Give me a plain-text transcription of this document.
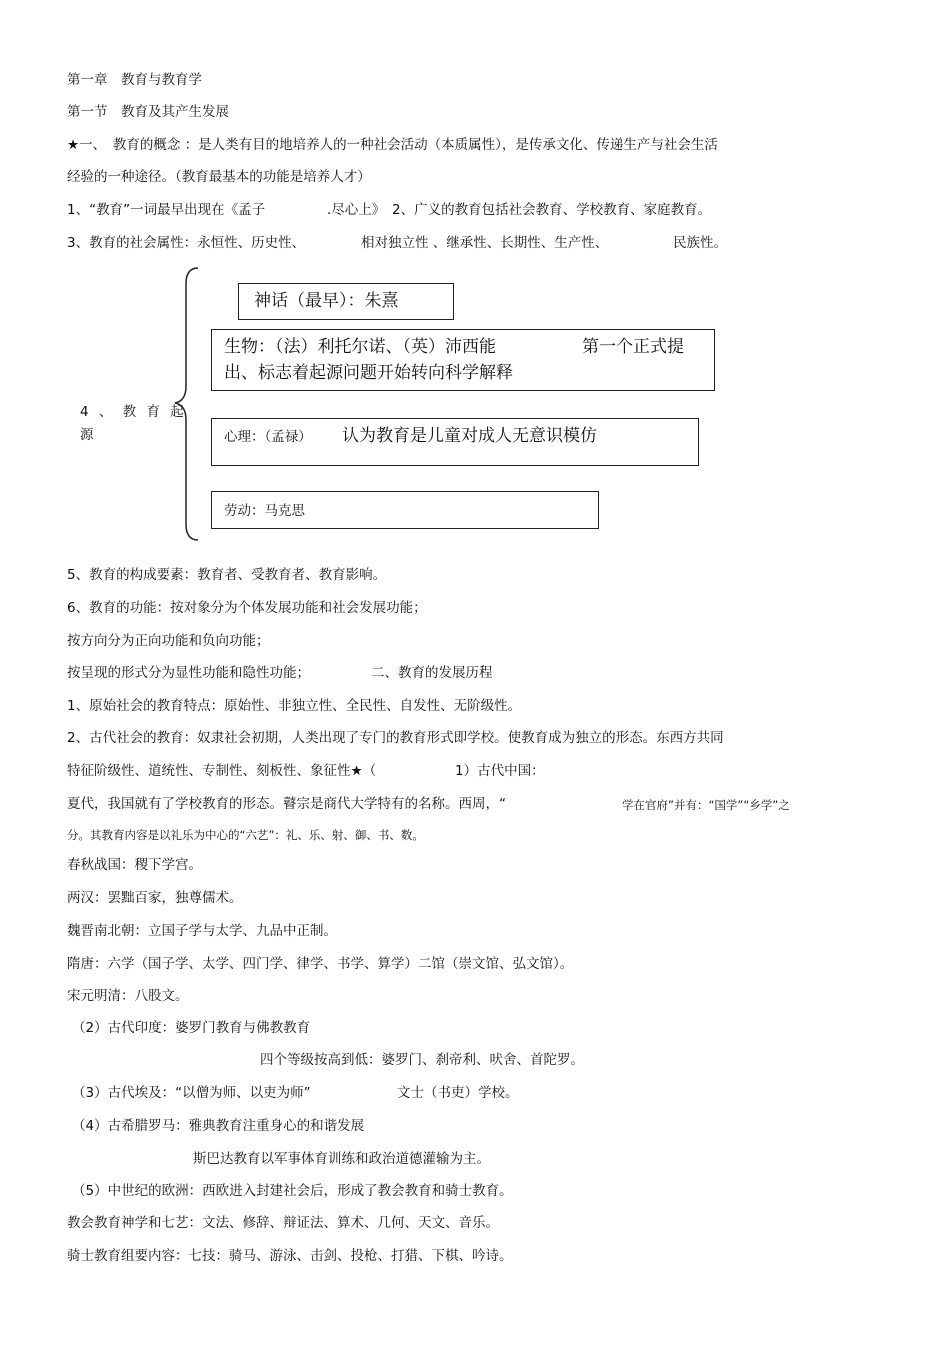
第一章　教育与教育学
第一节　教育及其产生发展
★一、　教育的概念 ：是人类有目的地培养人的一种社会活动（本质属性），是传承文化、传递生产与社会生活
经验的一种途径。（教育最基本的功能是培养人才）
1、“教育”一词最早出现在《孟子	.尽心上》　2、广义的教育包括社会教育、学校教育、家庭教育。
3、教育的社会属性：永恒性、历史性、	相对独立性 、继承性、长期性、生产性、	民族性。
4 、 教 育 起
源
神话（最早）：朱熹
生物：（法）利托尔诺、（英）沛西能	第一个正式提
出、标志着起源问题开始转向科学解释
心理：（孟禄） 认为教育是儿童对成人无意识模仿
劳动：马克思
5、教育的构成要素：教育者、受教育者、教育影响。
6、教育的功能：按对象分为个体发展功能和社会发展功能；
按方向分为正向功能和负向功能；
按呈现的形式分为显性功能和隐性功能；	二、教育的发展历程
1、原始社会的教育特点：原始性、非独立性、全民性、自发性、无阶级性。
2、古代社会的教育：奴隶社会初期，人类出现了专门的教育形式即学校。使教育成为独立的形态。东西方共同
特征阶级性、道统性、专制性、刻板性、象征性★（	1）古代中国：
夏代，我国就有了学校教育的形态。瞽宗是商代大学特有的名称。西周，“	学在官府”并有：“国学”“乡学”之
分。其教育内容是以礼乐为中心的“六艺”：礼、乐、射、御、书、数。
春秋战国：稷下学宫。
两汉：罢黜百家，独尊儒术。
魏晋南北朝：立国子学与太学、九品中正制。
隋唐：六学（国子学、太学、四门学、律学、书学、算学）二馆（崇文馆、弘文馆）。
宋元明清：八股文。
（2）古代印度：婆罗门教育与佛教教育
四个等级按高到低：婆罗门、刹帝利、吠舍、首陀罗。
（3）古代埃及：“以僧为师、以吏为师”	文士（书吏）学校。
（4）古希腊罗马：雅典教育注重身心的和谐发展
斯巴达教育以军事体育训练和政治道德灌输为主。
（5）中世纪的欧洲：西欧进入封建社会后，形成了教会教育和骑士教育。
教会教育神学和七艺：文法、修辞、辩证法、算术、几何、天文、音乐。
骑士教育组要内容：七技：骑马、游泳、击剑、投枪、打猎、下棋、吟诗。
